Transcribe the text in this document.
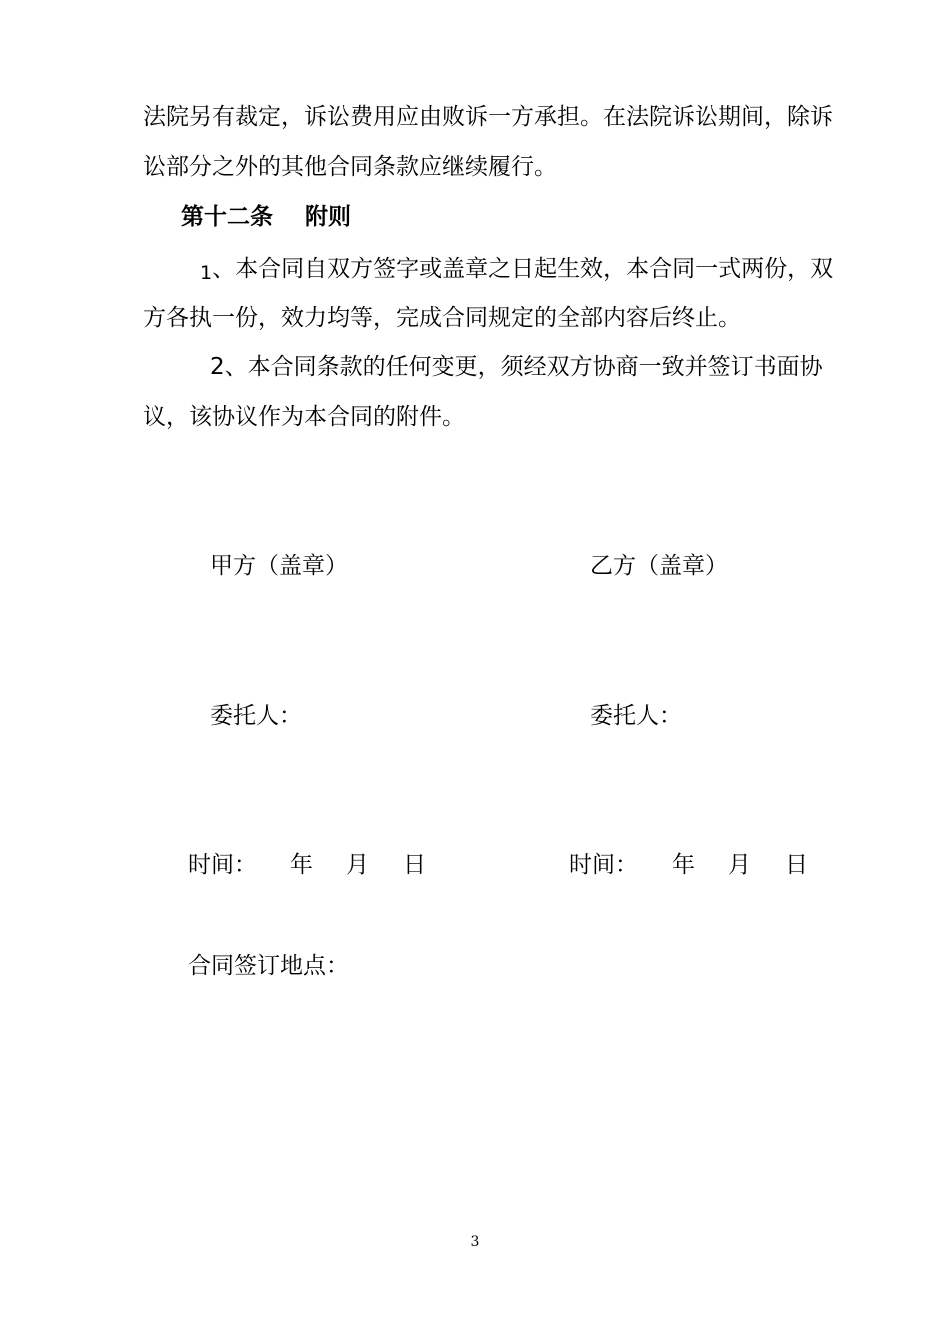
法院另有裁定，诉讼费用应由败诉一方承担。在法院诉讼期间，除诉
讼部分之外的其他合同条款应继续履行。
第十二条 附则
1、本合同自双方签字或盖章之日起生效，本合同一式两份，双
方各执一份，效力均等，完成合同规定的全部内容后终止。
2、本合同条款的任何变更，须经双方协商一致并签订书面协
议，该协议作为本合同的附件。
甲方（盖章）	乙方（盖章）
委托人：	委托人：
时间： 年 月 日	时间： 年 月 日
合同签订地点：
3
